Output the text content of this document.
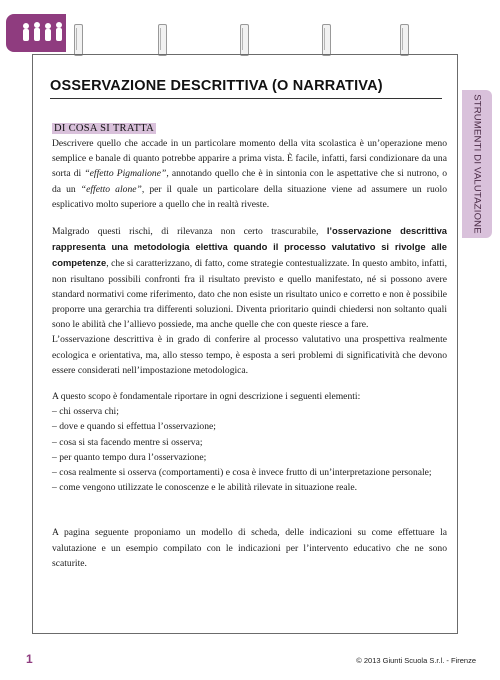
OSSERVAZIONE DESCRITTIVA (O NARRATIVA)
DI COSA SI TRATTA

Descrivere quello che accade in un particolare momento della vita scolastica è un’operazione meno semplice e banale di quanto potrebbe apparire a prima vista. È facile, infatti, farsi condizionare da una sorta di “effetto Pigmalione”, annotando quello che è in sintonia con le aspettative che si nutrono, o da un “effetto alone”, per il quale un particolare della situazione viene ad assumere un ruolo esplicativo molto superiore a quello che in realtà riveste.

Malgrado questi rischi, di rilevanza non certo trascurabile, l’osservazione descrittiva rappresenta una metodologia elettiva quando il processo valutativo si rivolge alle competenze, che si caratterizzano, di fatto, come strategie contestualizzate. In questo ambito, infatti, non risultano possibili confronti fra il risultato previsto e quello manifestato, né si possono avere standard normativi come riferimento, dato che non esiste un risultato unico e corretto e non è possibile proporre una gerarchia tra differenti soluzioni. Diventa prioritario quindi chiedersi non soltanto quali sono le abilità che l’allievo possiede, ma anche quelle che con queste riesce a fare.

L’osservazione descrittiva è in grado di conferire al processo valutativo una prospettiva realmente ecologica e orientativa, ma, allo stesso tempo, è esposta a seri problemi di significatività che devono essere considerati nell’impostazione metodologica.

A questo scopo è fondamentale riportare in ogni descrizione i seguenti elementi:

– chi osserva chi;
– dove e quando si effettua l’osservazione;
– cosa si sta facendo mentre si osserva;
– per quanto tempo dura l’osservazione;
– cosa realmente si osserva (comportamenti) e cosa è invece frutto di un’interpretazione personale;
– come vengono utilizzate le conoscenze e le abilità rilevate in situazione reale.

A pagina seguente proponiamo un modello di scheda, delle indicazioni su come effettuare la valutazione e un esempio compilato con le indicazioni per l’intervento educativo che ne sono scaturite.

STRUMENTI DI VALUTAZIONE
1	© 2013 Giunti Scuola S.r.l. - Firenze
